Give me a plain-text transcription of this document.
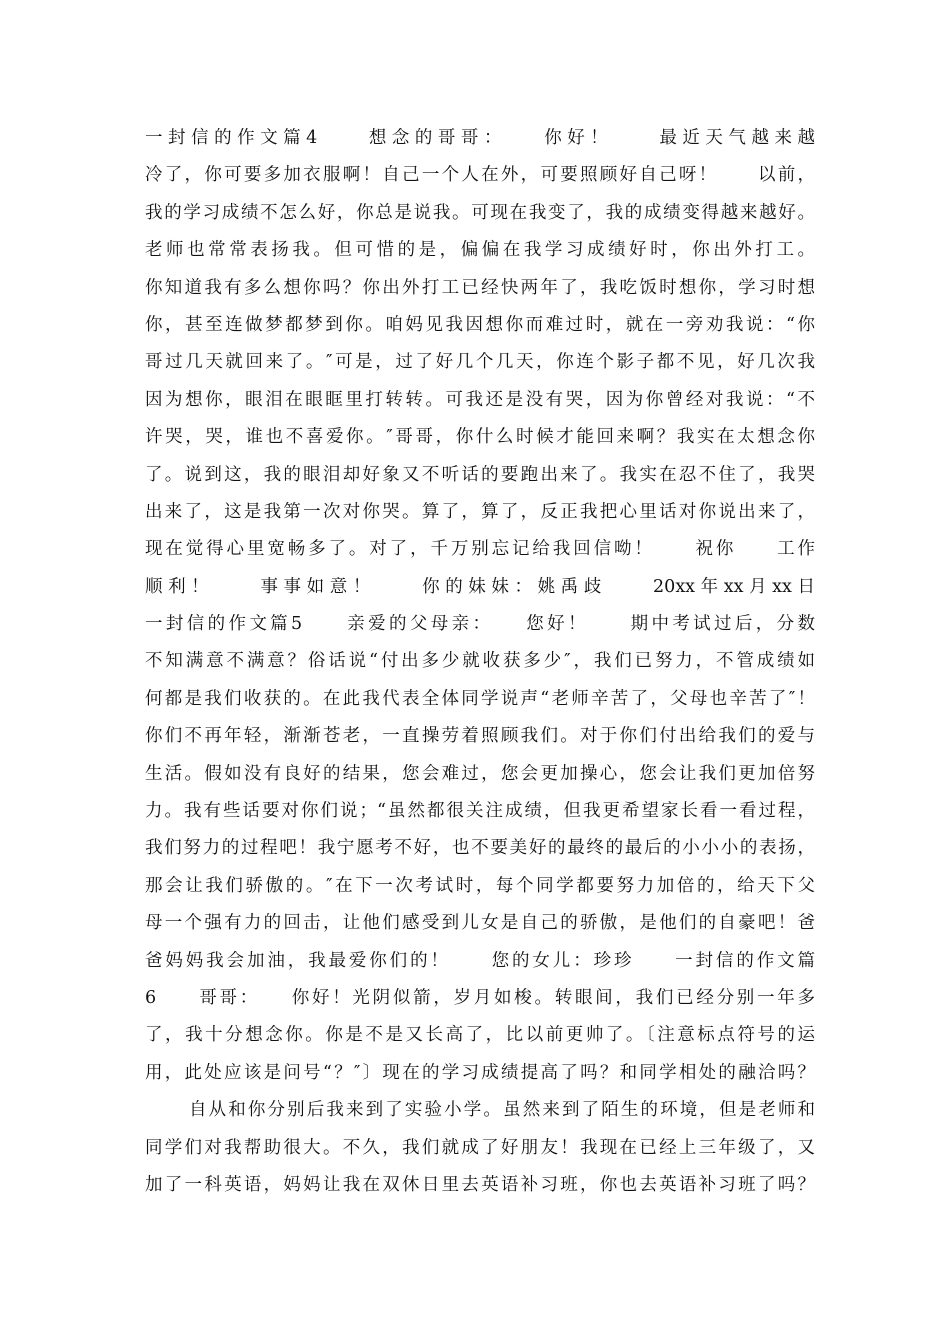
一封信的作文篇4　　想念的哥哥：　　你好！　　最近天气越来越
冷了，你可要多加衣服啊！自己一个人在外，可要照顾好自己呀！　　以前，
我的学习成绩不怎么好，你总是说我。可现在我变了，我的成绩变得越来越好。
老师也常常表扬我。但可惜的是，偏偏在我学习成绩好时，你出外打工。
你知道我有多么想你吗？你出外打工已经快两年了，我吃饭时想你，学习时想
你，甚至连做梦都梦到你。咱妈见我因想你而难过时，就在一旁劝我说：“你
哥过几天就回来了。″可是，过了好几个几天，你连个影子都不见，好几次我
因为想你，眼泪在眼眶里打转转。可我还是没有哭，因为你曾经对我说：“不
许哭，哭，谁也不喜爱你。″哥哥，你什么时候才能回来啊？我实在太想念你
了。说到这，我的眼泪却好象又不听话的要跑出来了。我实在忍不住了，我哭
出来了，这是我第一次对你哭。算了，算了，反正我把心里话对你说出来了，
现在觉得心里宽畅多了。对了，千万别忘记给我回信呦！　　祝你　　工作
顺利！　　事事如意！　　你的妹妹：姚禹歧　　20xx年xx月xx日
一封信的作文篇5　　亲爱的父母亲：　　您好！　　期中考试过后，分数
不知满意不满意？俗话说“付出多少就收获多少″，我们已努力，不管成绩如
何都是我们收获的。在此我代表全体同学说声“老师辛苦了，父母也辛苦了″！
你们不再年轻，渐渐苍老，一直操劳着照顾我们。对于你们付出给我们的爱与
生活。假如没有良好的结果，您会难过，您会更加操心，您会让我们更加倍努
力。我有些话要对你们说；“虽然都很关注成绩，但我更希望家长看一看过程，
我们努力的过程吧！我宁愿考不好，也不要美好的最终的最后的小小小的表扬，
那会让我们骄傲的。″在下一次考试时，每个同学都要努力加倍的，给天下父
母一个强有力的回击，让他们感受到儿女是自己的骄傲，是他们的自豪吧！爸
爸妈妈我会加油，我最爱你们的！　　您的女儿：珍珍　　一封信的作文篇
6　　哥哥：　　你好！光阴似箭，岁月如梭。转眼间，我们已经分别一年多
了，我十分想念你。你是不是又长高了，比以前更帅了。〔注意标点符号的运
用，此处应该是问号“？″〕现在的学习成绩提高了吗？和同学相处的融洽吗？
自从和你分别后我来到了实验小学。虽然来到了陌生的环境，但是老师和
同学们对我帮助很大。不久，我们就成了好朋友！我现在已经上三年级了，又
加了一科英语，妈妈让我在双休日里去英语补习班，你也去英语补习班了吗？
